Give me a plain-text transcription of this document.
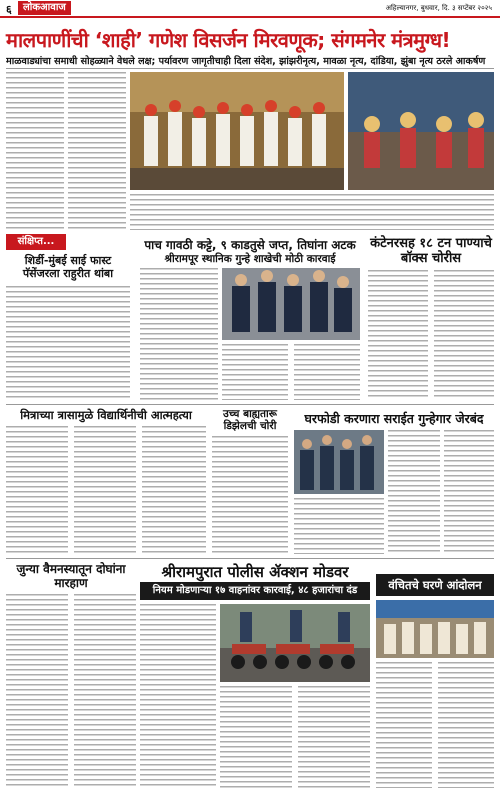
६	लोकआवाज	अहिल्यानगर, बुधवार, दि. ३ सप्टेंबर २०२५
मालपाणींची ‘शाही’ गणेश विसर्जन मिरवणूक; संगमनेर मंत्रमुग्ध!
माळवाड्यांचा समाधी सोहळ्याने वेधले लक्ष; पर्यावरण जागृतीचाही दिला संदेश, झांझरीनृत्य, मावळा नृत्य, दांडिया, झुंबा नृत्य ठरले आकर्षण
संक्षिप्त...
शिर्डी-मुंबई साई फास्ट पॅसेंजरला राहुरीत थांबा
पाच गावठी कट्टे, ९ काडतुसे जप्त, तिघांना अटक
श्रीरामपूर स्थानिक गुन्हे शाखेची मोठी कारवाई
कंटेनरसह १८ टन पाण्याचे बॉक्स चोरीस
मित्राच्या त्रासामुळे विद्यार्थिनीची आत्महत्या	उच्च बाह्यतारू डिझेलची चोरी	घरफोडी करणारा सराईत गुन्हेगार जेरबंद
जुन्या वैमनस्यातून दोघांना मारहाण
श्रीरामपुरात पोलीस ॲक्शन मोडवर
नियम मोडणाऱ्या १७ वाहनांवर कारवाई, ४८ हजारांचा दंड	वंचितचे घरणे आंदोलन
